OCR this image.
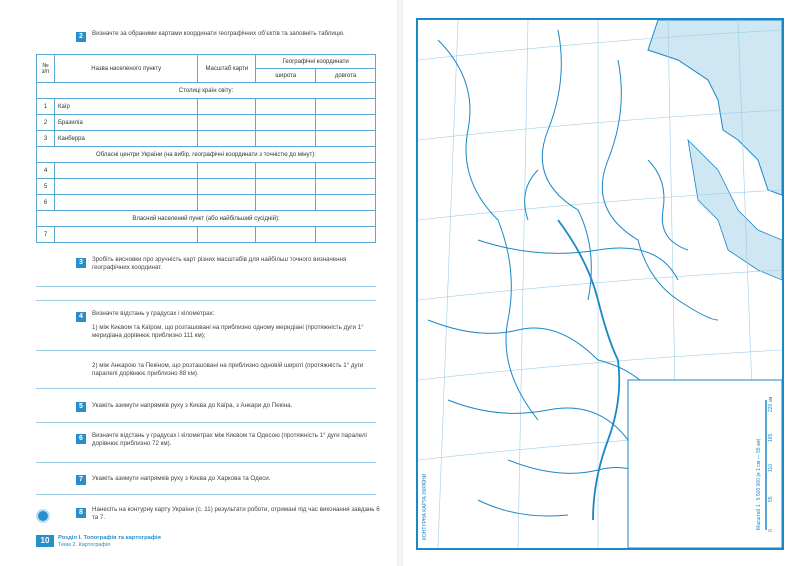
2	Визначте за обраними картами координати географічних об’єктів та заповніть таблицю.
№ з/п	Назва населеного пункту	Масштаб карти	Географічні координати	
			широта	довгота
Столиці країн світу:				
1	Каїр			
2	Бразиліа			
3	Канберра			
Обласні центри України (на вибір, географічні координати з точністю до мінут):				
4				
5				
6				
Власний населений пункт (або найбільший сусідній):				
7				
3	Зробіть висновки про зручність карт різних масштабів для найбільш точного визначення географічних координат.
4	Визначте відстань у градусах і кілометрах:
1) між Києвом та Каїром, що розташовані на приблизно одному меридіані (протяжність дуги 1° меридіана дорівнює приблизно 111 км);
2) між Анкарою та Пекіном, що розташовані на приблизно одновій широті (протяжність 1° дуги паралелі дорівнює приблизно 88 км).
5	Укажіть азимути напрямків руху з Києва до Каїра, з Анкари до Пекіна.
6	Визначте відстань у градусах і кілометрах між Києвом та Одесою (протяжність 1° дуги паралелі дорівнює приблизно 72 км).
7	Укажіть азимути напрямків руху з Києва до Харкова та Одеси.
8	Нанесіть на контурну карту України (с. 11) результати роботи, отримані під час виконання завдань 6 та 7.
10	Розділ І. Топографія та картографія
Тема 2. Картографія
КОНТУРНА КАРТА УКРАЇНИ	Масштаб 1 : 5 500 000 (в 1 см — 55 км)
0
55
110
165
220 км
